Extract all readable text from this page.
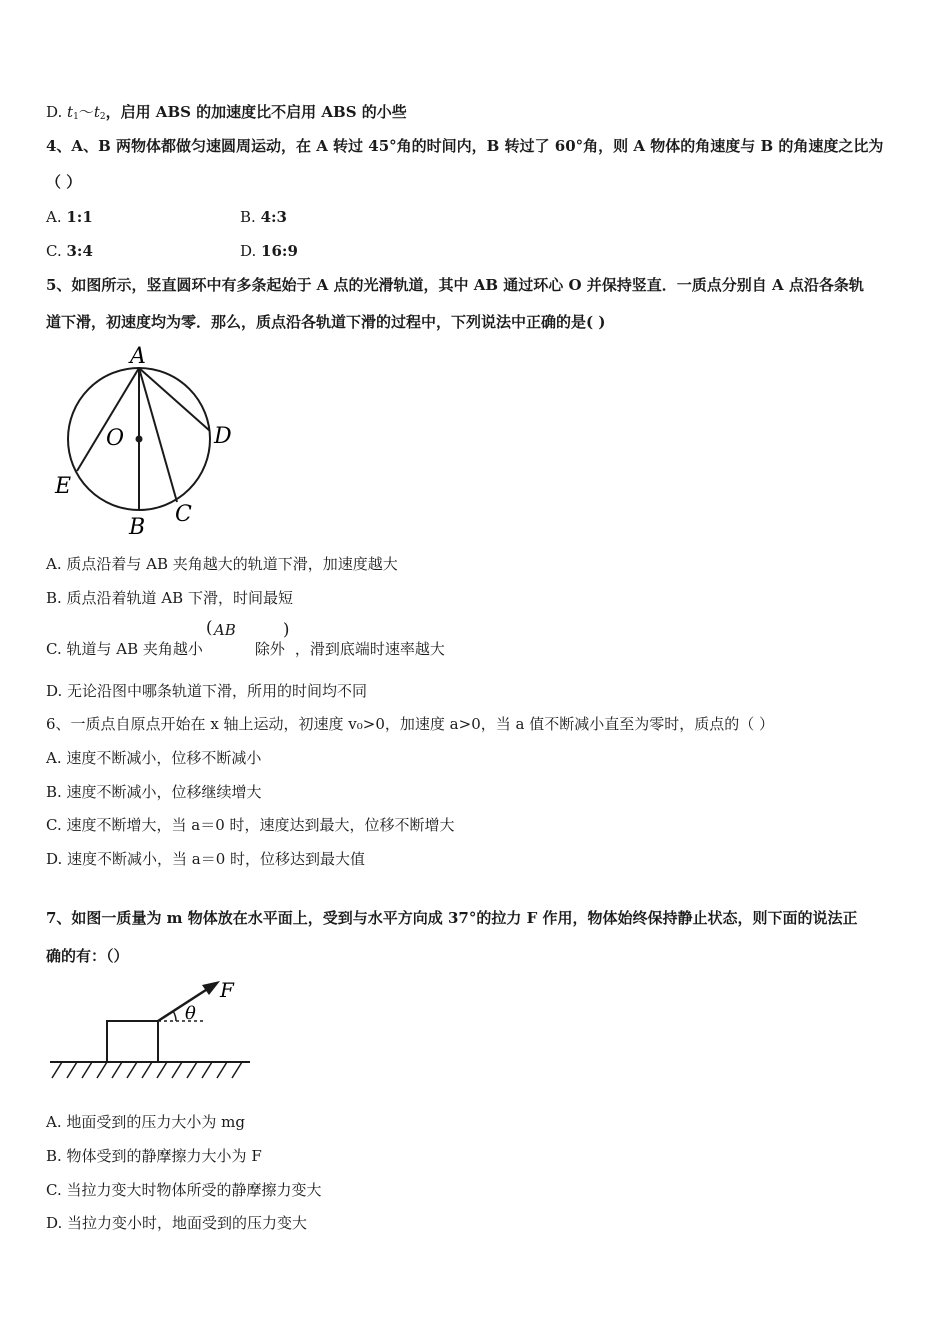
D. $t_1\sim t_2$，启用 ABS 的加速度比不启用 ABS 的小些
4、A、B 两物体都做匀速圆周运动，在 A 转过 45°角的时间内，B 转过了 60°角，则 A 物体的角速度与 B 的角速度之比为
（ ）
A. 1:1	B. 4:3
C. 3:4	D. 16:9
5、如图所示，竖直圆环中有多条起始于 A 点的光滑轨道，其中 AB 通过环心 O 并保持竖直．一质点分别自 A 点沿各条轨
道下滑，初速度均为零．那么，质点沿各轨道下滑的过程中，下列说法中正确的是( )
A
O	D
E
B
C
A. 质点沿着与 AB 夹角越大的轨道下滑，加速度越大
B. 质点沿着轨道 AB 下滑，时间最短
C. 轨道与 AB 夹角越小
( AB
除外
)
，滑到底端时速率越大
D. 无论沿图中哪条轨道下滑，所用的时间均不同
6、一质点自原点开始在 x 轴上运动，初速度 v₀>0，加速度 a>0，当 a 值不断减小直至为零时，质点的（ ）
A. 速度不断减小，位移不断减小
B. 速度不断减小，位移继续增大
C. 速度不断增大，当 a＝0 时，速度达到最大，位移不断增大
D. 速度不断减小，当 a＝0 时，位移达到最大值
7、如图一质量为 m 物体放在水平面上，受到与水平方向成 37°的拉力 F 作用，物体始终保持静止状态，则下面的说法正
确的有：（）
F
θ
A. 地面受到的压力大小为 mg
B. 物体受到的静摩擦力大小为 F
C. 当拉力变大时物体所受的静摩擦力变大
D. 当拉力变小时，地面受到的压力变大
